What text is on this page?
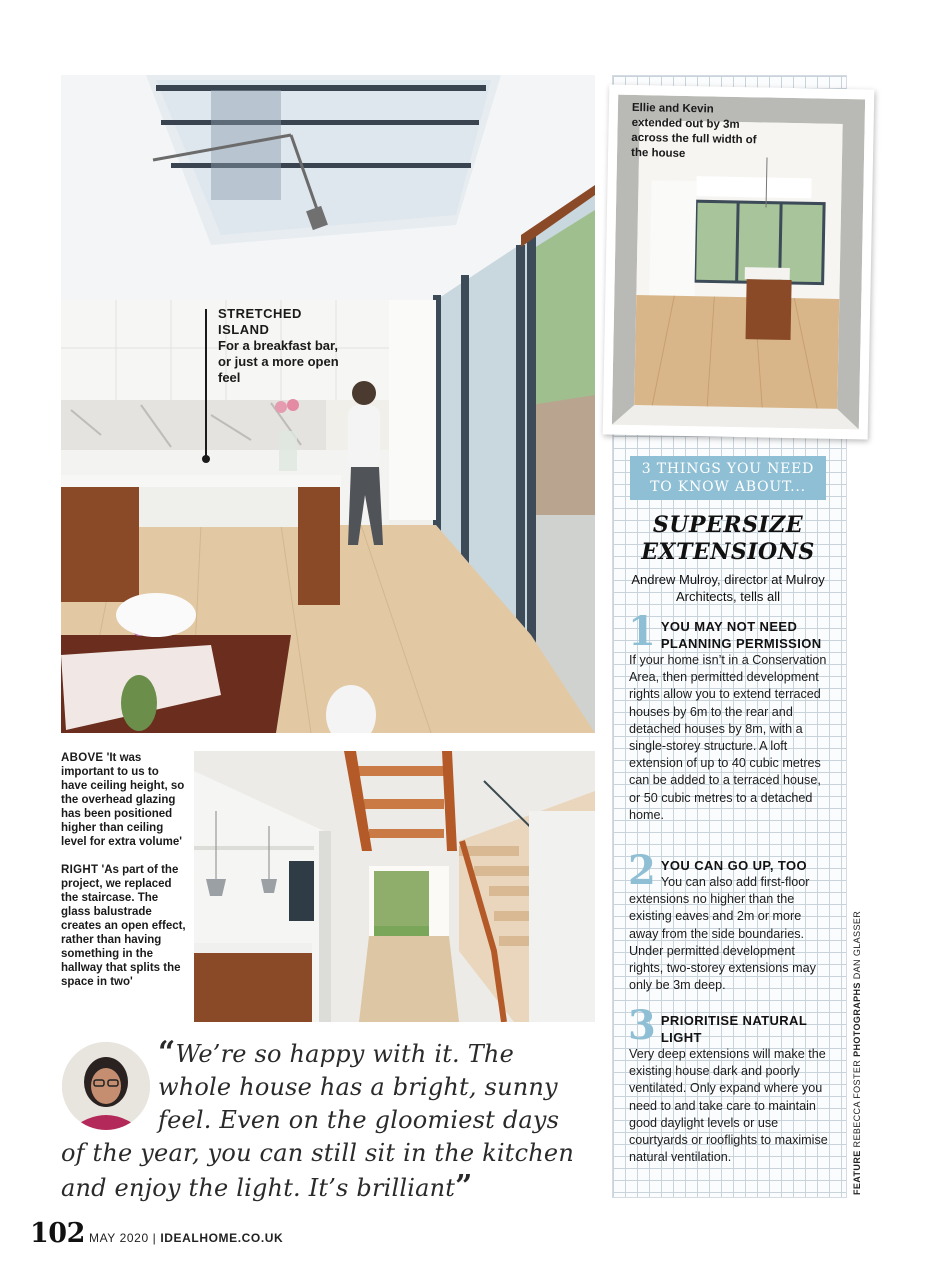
STRETCHED ISLAND
For a breakfast bar, or just a more open feel

ABOVE 'It was important to us to have ceiling height, so the overhead glazing has been positioned higher than ceiling level for extra volume'

RIGHT 'As part of the project, we replaced the staircase. The glass balustrade creates an open effect, rather than having something in the hallway that splits the space in two'

“We’re so happy with it. The
whole house has a bright, sunny
feel. Even on the gloomiest days
of the year, you can still sit in the kitchen
and enjoy the light. It’s brilliant”
Ellie and Kevin extended out by 3m across the full width of the house
3 THINGS YOU NEED
TO KNOW ABOUT...
SUPERSIZE
EXTENSIONS
Andrew Mulroy, director at Mulroy Architects, tells all
1 YOU MAY NOT NEED PLANNING PERMISSION
If your home isn’t in a Conservation Area, then permitted development rights allow you to extend terraced houses by 6m to the rear and detached houses by 8m, with a single-storey structure. A loft extension of up to 40 cubic metres can be added to a terraced house, or 50 cubic metres to a detached home.
2 YOU CAN GO UP, TOO
You can also add first-floor extensions no higher than the existing eaves and 2m or more away from the side boundaries. Under permitted development rights, two-storey extensions may only be 3m deep.
3 PRIORITISE NATURAL LIGHT
Very deep extensions will make the existing house dark and poorly ventilated. Only expand where you need to and take care to maintain good daylight levels or use courtyards or rooflights to maximise natural ventilation.	FEATURE REBECCA FOSTER PHOTOGRAPHS DAN GLASSER
102 MAY 2020 | IDEALHOME.CO.UK
